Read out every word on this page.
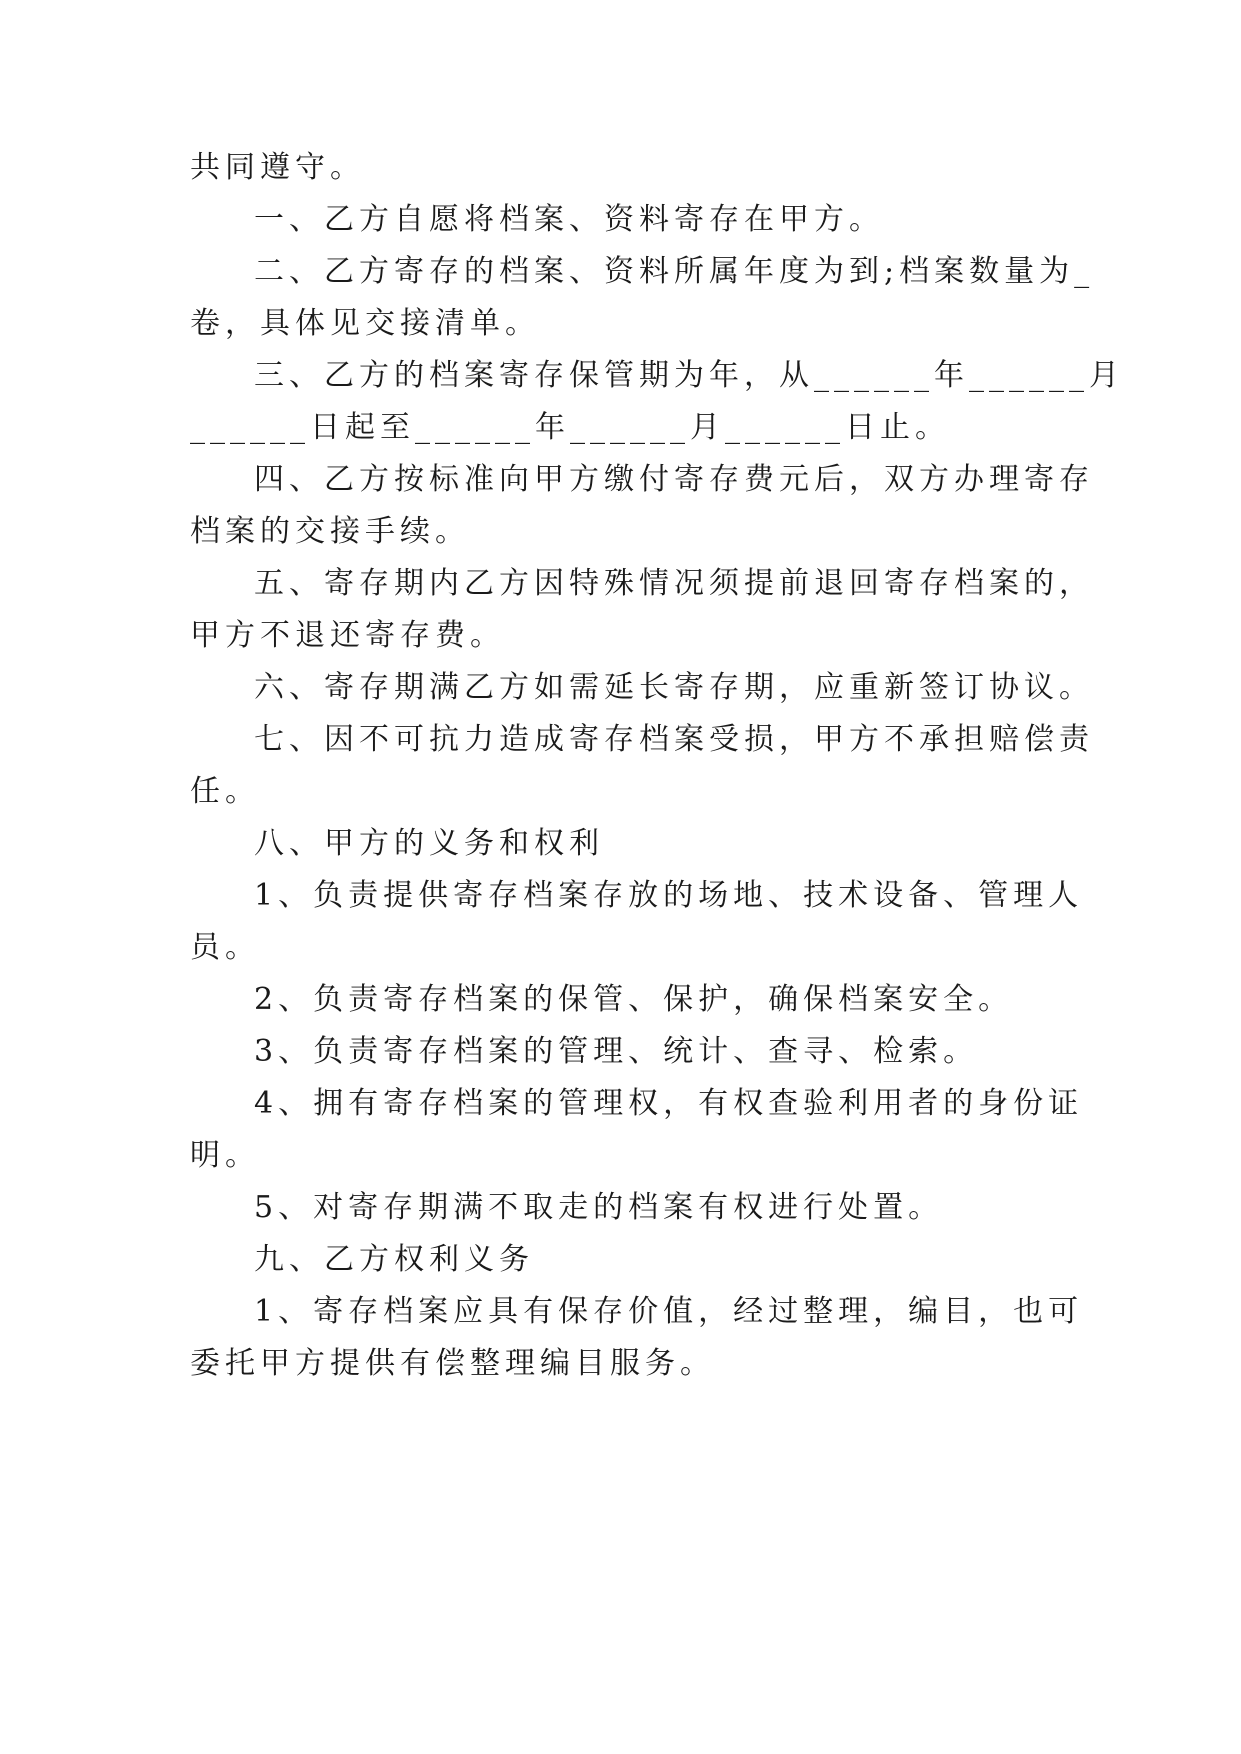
共同遵守。
一、乙方自愿将档案、资料寄存在甲方。
二、乙方寄存的档案、资料所属年度为到;档案数量为_
卷，具体见交接清单。
三、乙方的档案寄存保管期为年，从______年______月
______日起至______年______月______日止。
四、乙方按标准向甲方缴付寄存费元后，双方办理寄存
档案的交接手续。
五、寄存期内乙方因特殊情况须提前退回寄存档案的，
甲方不退还寄存费。
六、寄存期满乙方如需延长寄存期，应重新签订协议。
七、因不可抗力造成寄存档案受损，甲方不承担赔偿责
任。
八、甲方的义务和权利
1、负责提供寄存档案存放的场地、技术设备、管理人
员。
2、负责寄存档案的保管、保护，确保档案安全。
3、负责寄存档案的管理、统计、查寻、检索。
4、拥有寄存档案的管理权，有权查验利用者的身份证
明。
5、对寄存期满不取走的档案有权进行处置。
九、乙方权利义务
1、寄存档案应具有保存价值，经过整理，编目，也可
委托甲方提供有偿整理编目服务。
